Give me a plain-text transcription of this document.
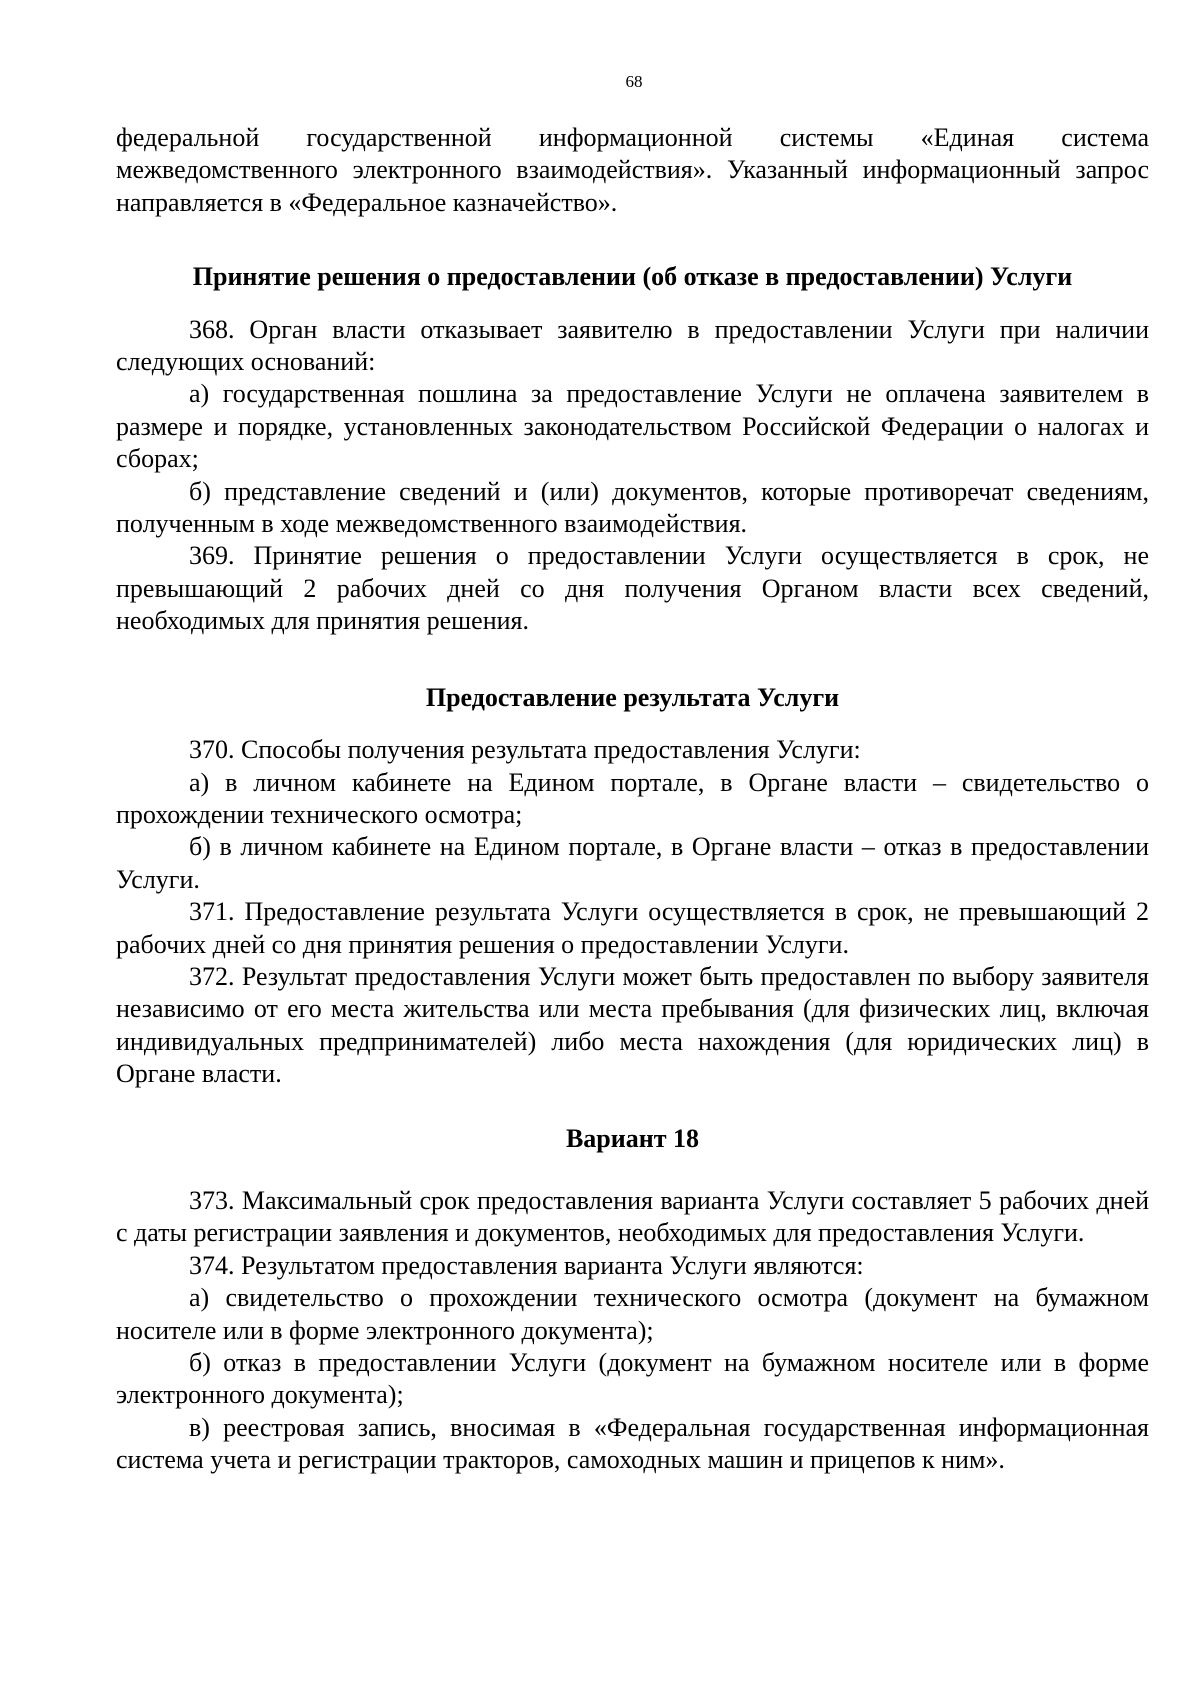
68

федеральной государственной информационной системы «Единая система межведомственного электронного взаимодействия». Указанный информационный запрос направляется в «Федеральное казначейство».

Принятие решения о предоставлении (об отказе в предоставлении) Услуги

368. Орган власти отказывает заявителю в предоставлении Услуги при наличии следующих оснований:

а) государственная пошлина за предоставление Услуги не оплачена заявителем в размере и порядке, установленных законодательством Российской Федерации о налогах и сборах;

б) представление сведений и (или) документов, которые противоречат сведениям, полученным в ходе межведомственного взаимодействия.

369. Принятие решения о предоставлении Услуги осуществляется в срок, не превышающий 2 рабочих дней со дня получения Органом власти всех сведений, необходимых для принятия решения.

Предоставление результата Услуги

370. Способы получения результата предоставления Услуги:

а) в личном кабинете на Едином портале, в Органе власти – свидетельство о прохождении технического осмотра;

б) в личном кабинете на Едином портале, в Органе власти – отказ в предоставлении Услуги.

371. Предоставление результата Услуги осуществляется в срок, не превышающий 2 рабочих дней со дня принятия решения о предоставлении Услуги.

372. Результат предоставления Услуги может быть предоставлен по выбору заявителя независимо от его места жительства или места пребывания (для физических лиц, включая индивидуальных предпринимателей) либо места нахождения (для юридических лиц) в Органе власти.

Вариант 18

373. Максимальный срок предоставления варианта Услуги составляет 5 рабочих дней с даты регистрации заявления и документов, необходимых для предоставления Услуги.

374. Результатом предоставления варианта Услуги являются:

а) свидетельство о прохождении технического осмотра (документ на бумажном носителе или в форме электронного документа);

б) отказ в предоставлении Услуги (документ на бумажном носителе или в форме электронного документа);

в) реестровая запись, вносимая в «Федеральная государственная информационная система учета и регистрации тракторов, самоходных машин и прицепов к ним».
